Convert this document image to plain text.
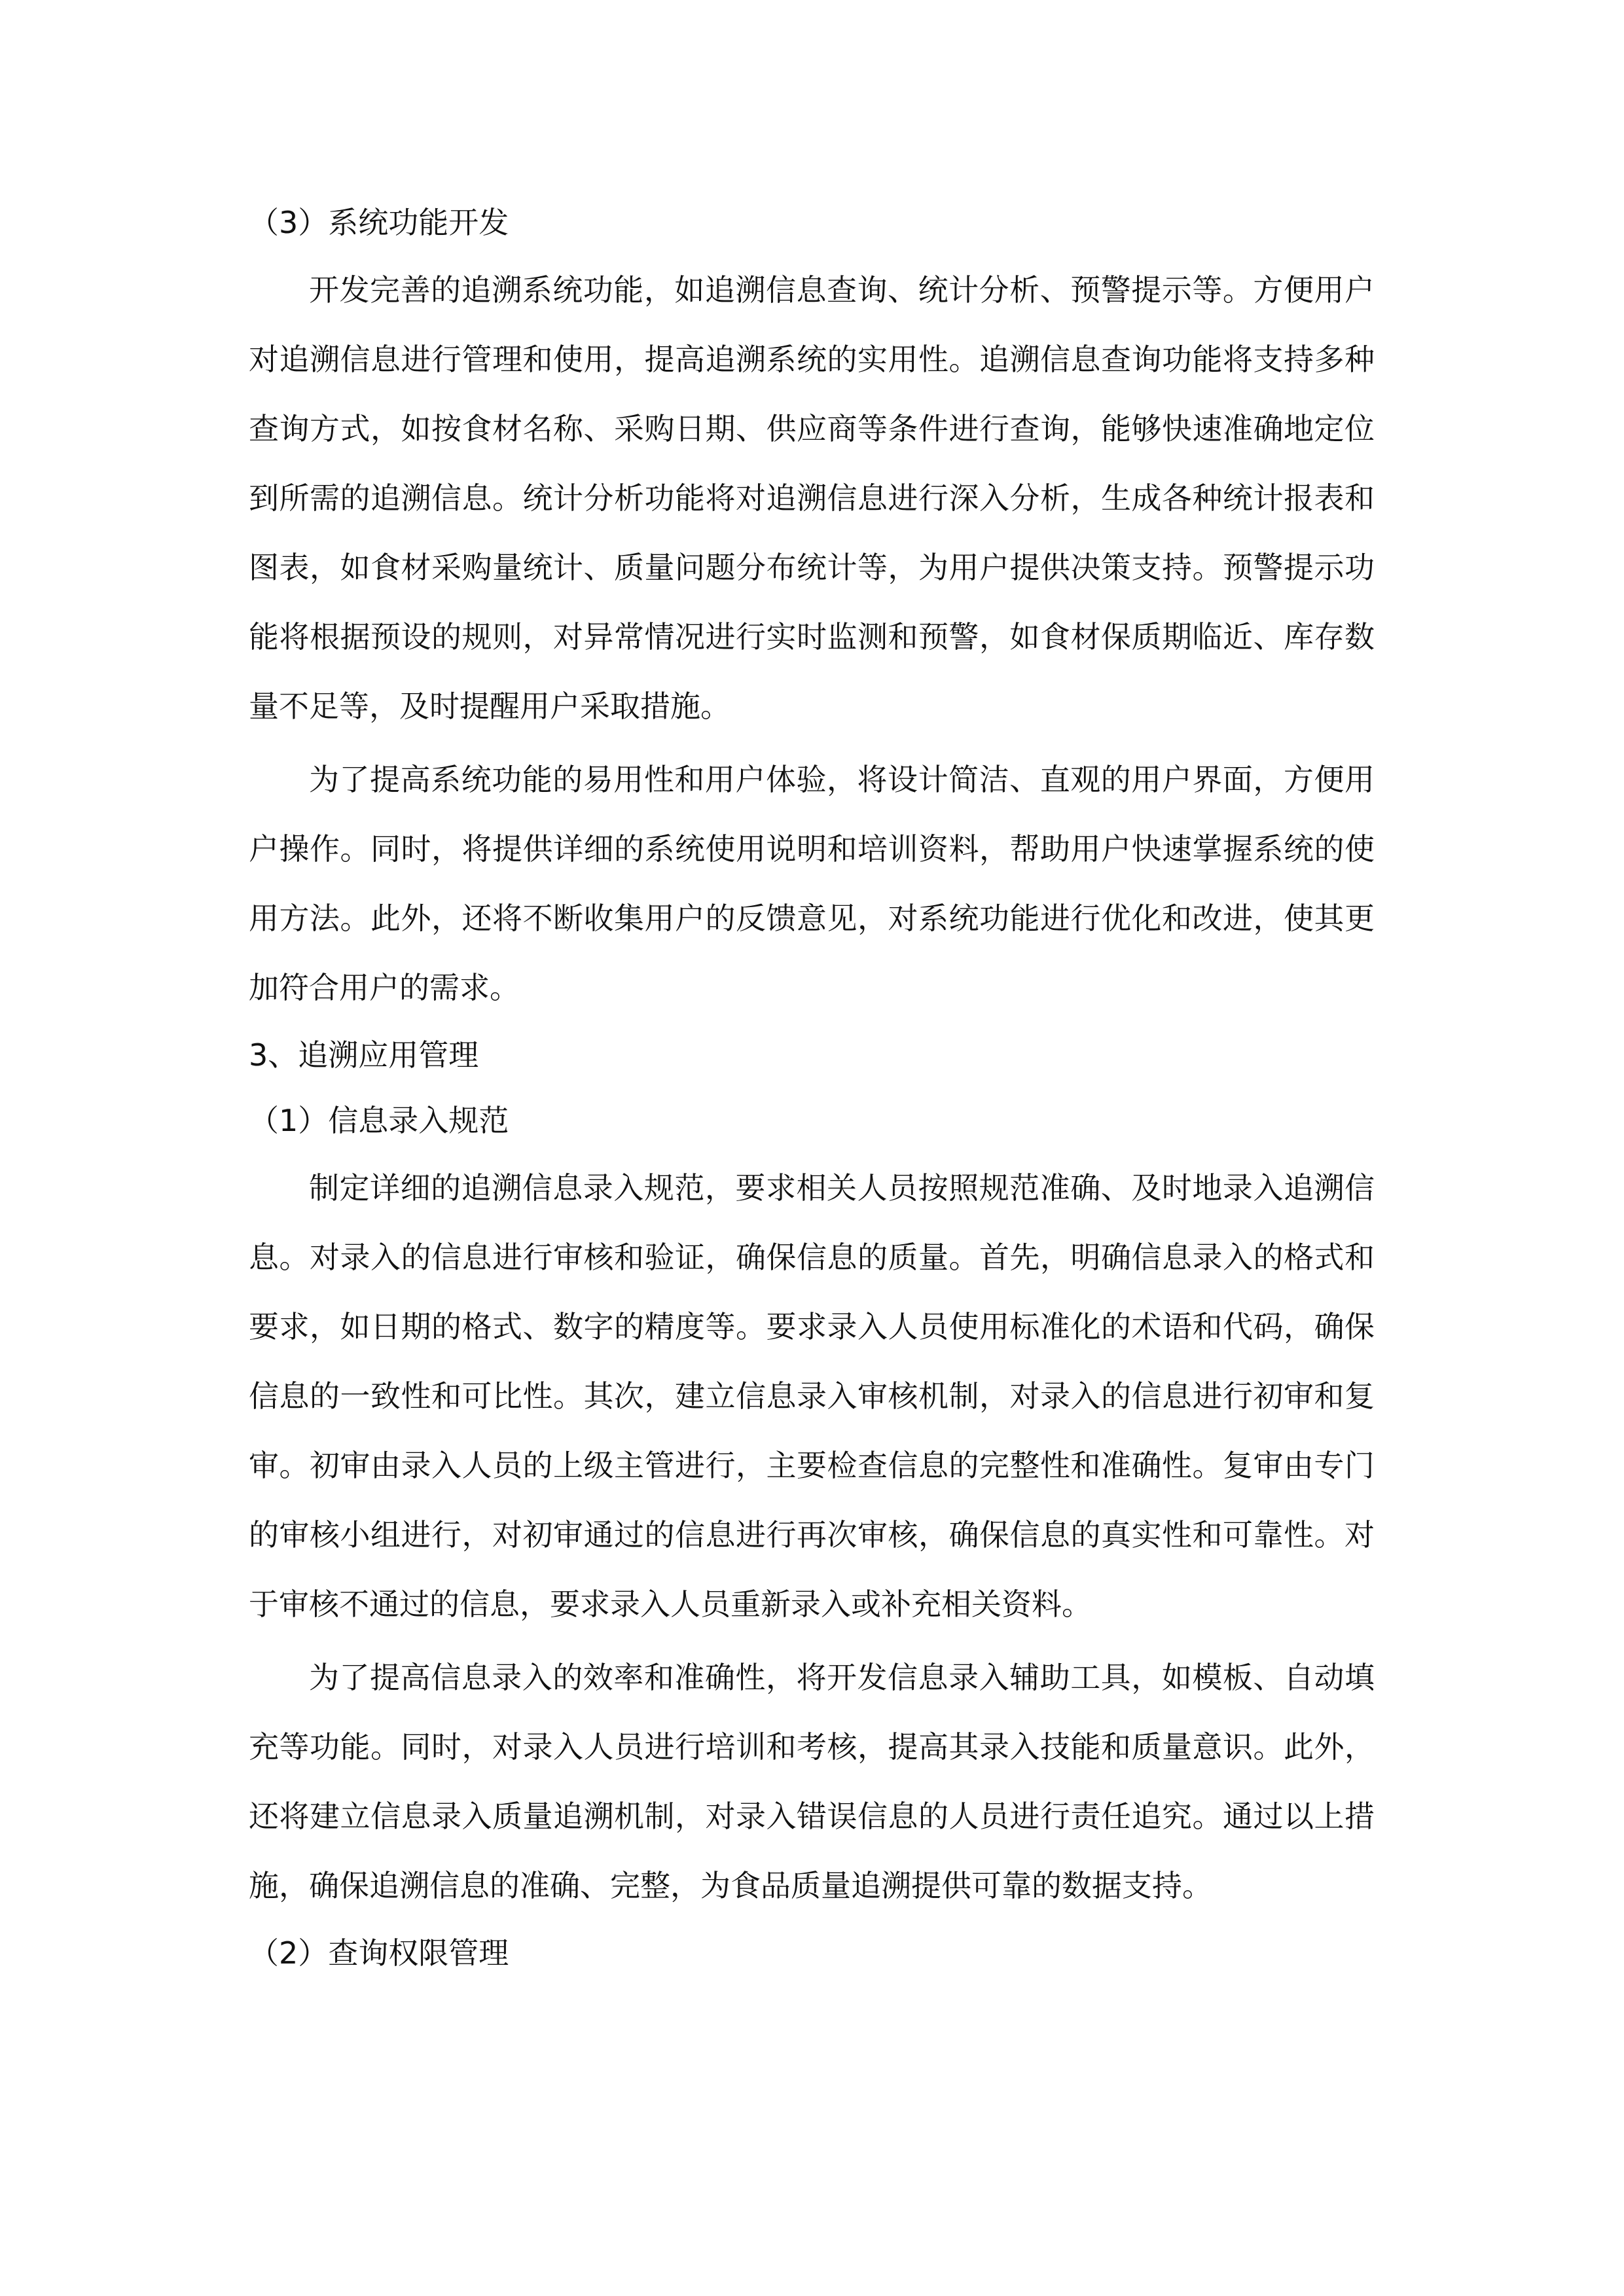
（3）系统功能开发

开发完善的追溯系统功能，如追溯信息查询、统计分析、预警提示等。方便用户对追溯信息进行管理和使用，提高追溯系统的实用性。追溯信息查询功能将支持多种查询方式，如按食材名称、采购日期、供应商等条件进行查询，能够快速准确地定位到所需的追溯信息。统计分析功能将对追溯信息进行深入分析，生成各种统计报表和图表，如食材采购量统计、质量问题分布统计等，为用户提供决策支持。预警提示功能将根据预设的规则，对异常情况进行实时监测和预警，如食材保质期临近、库存数量不足等，及时提醒用户采取措施。

为了提高系统功能的易用性和用户体验，将设计简洁、直观的用户界面，方便用户操作。同时，将提供详细的系统使用说明和培训资料，帮助用户快速掌握系统的使用方法。此外，还将不断收集用户的反馈意见，对系统功能进行优化和改进，使其更加符合用户的需求。

3、追溯应用管理

（1）信息录入规范

制定详细的追溯信息录入规范，要求相关人员按照规范准确、及时地录入追溯信息。对录入的信息进行审核和验证，确保信息的质量。首先，明确信息录入的格式和要求，如日期的格式、数字的精度等。要求录入人员使用标准化的术语和代码，确保信息的一致性和可比性。其次，建立信息录入审核机制，对录入的信息进行初审和复审。初审由录入人员的上级主管进行，主要检查信息的完整性和准确性。复审由专门的审核小组进行，对初审通过的信息进行再次审核，确保信息的真实性和可靠性。对于审核不通过的信息，要求录入人员重新录入或补充相关资料。

为了提高信息录入的效率和准确性，将开发信息录入辅助工具，如模板、自动填充等功能。同时，对录入人员进行培训和考核，提高其录入技能和质量意识。此外，还将建立信息录入质量追溯机制，对录入错误信息的人员进行责任追究。通过以上措施，确保追溯信息的准确、完整，为食品质量追溯提供可靠的数据支持。

（2）查询权限管理
